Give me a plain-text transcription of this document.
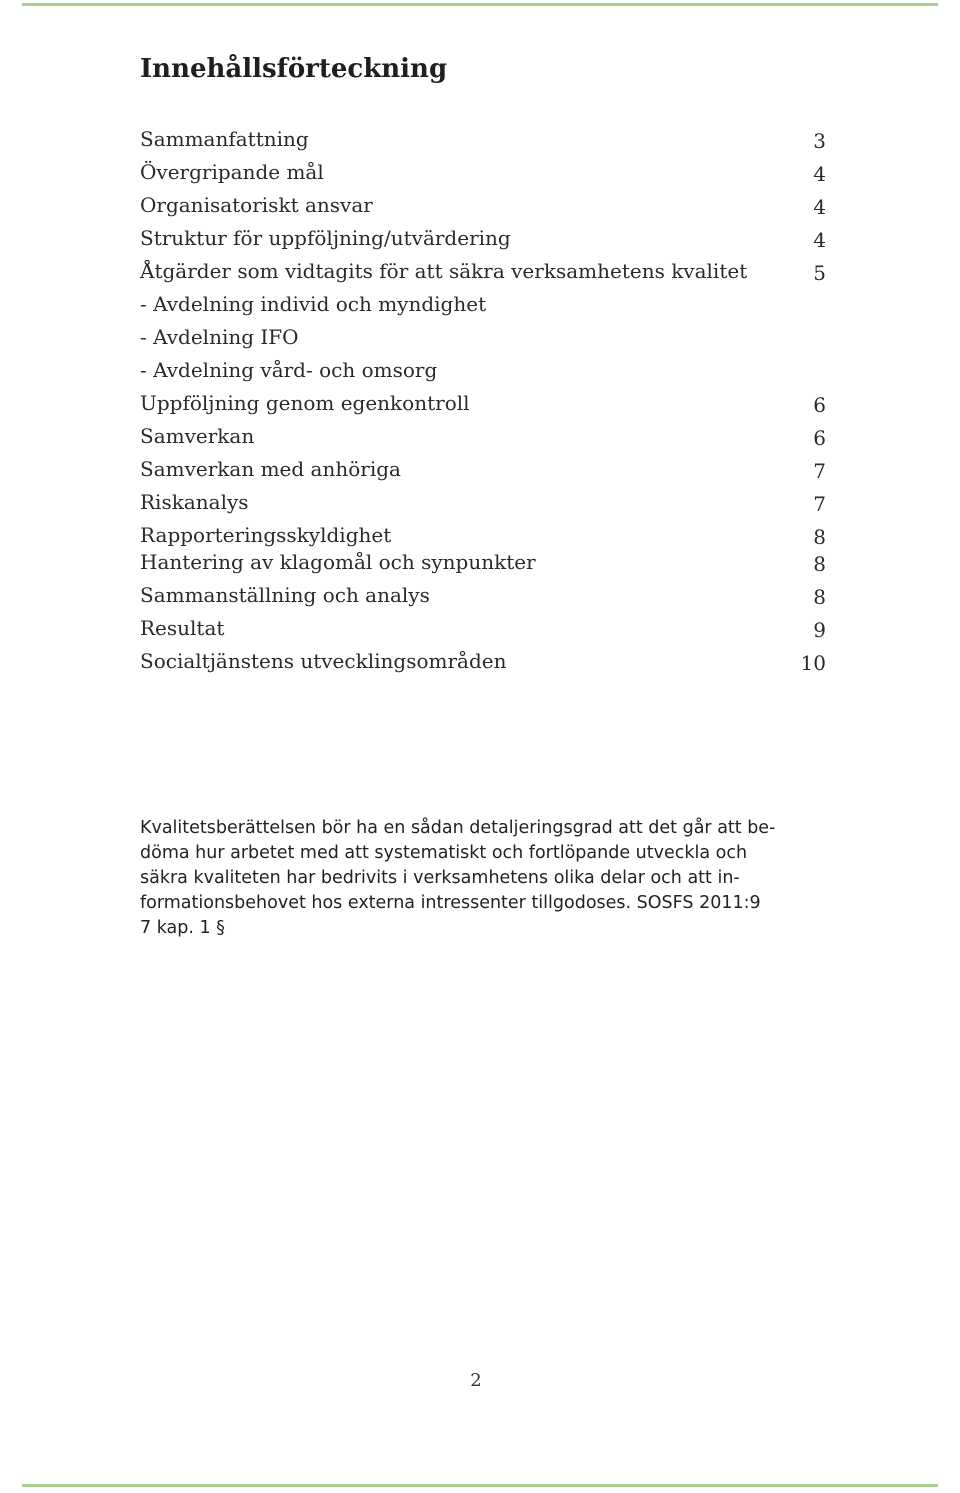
Innehållsförteckning
Sammanfattning	3
Övergripande mål	4
Organisatoriskt ansvar	4
Struktur för uppföljning/utvärdering	4
Åtgärder som vidtagits för att säkra verksamhetens kvalitet	5
- Avdelning individ och myndighet
- Avdelning IFO
- Avdelning vård- och omsorg
Uppföljning genom egenkontroll	6
Samverkan	6
Samverkan med anhöriga	7
Riskanalys	7
Rapporteringsskyldighet	8
Hantering av klagomål och synpunkter	8
Sammanställning och analys	8
Resultat	9
Socialtjänstens utvecklingsområden	10
Kvalitetsberättelsen bör ha en sådan detaljeringsgrad att det går att be-
döma hur arbetet med att systematiskt och fortlöpande utveckla och
säkra kvaliteten har bedrivits i verksamhetens olika delar och att in-
formationsbehovet hos externa intressenter tillgodoses. SOSFS 2011:9
7 kap. 1 §
2
